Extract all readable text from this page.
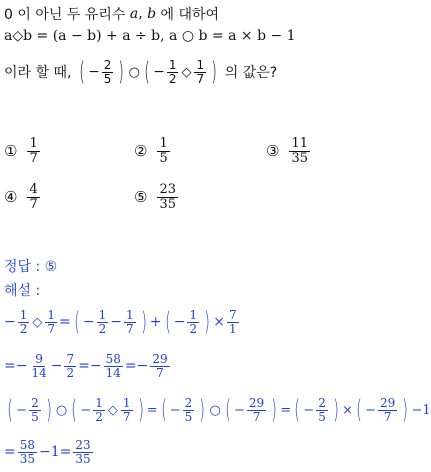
0 이 아닌 두 유리수
a ,
b
에 대하여
a◇b = (a − b) + a ÷ b, a ○ b = a × b − 1
이라 할 때,
( − $\frac{2}{5}$ ) ○ ( − $\frac{1}{2}$ ◇ $\frac{1}{7}$ )
의 값은?
① $\frac{1}{7}$	② $\frac{1}{5}$	③ $\frac{11}{35}$
④ $\frac{4}{7}$	⑤ $\frac{23}{35}$
정답 : ⑤
해설 :
− $\frac{1}{2}$ ◇ $\frac{1}{7}$ = ( − $\frac{1}{2} - \frac{1}{7}$ ) + ( − $\frac{1}{2}$ ) × $\frac{7}{1}$
=− $\frac{9}{14} - \frac{7}{2} =- \frac{58}{14} =- \frac{29}{7}$
( − $\frac{2}{5}$ ) ○ ( − $\frac{1}{2}$ ◇ $\frac{1}{7}$ ) = ( − $\frac{2}{5}$ ) ○ ( − $\frac{29}{7}$ ) = ( − $\frac{2}{5}$ ) × ( − $\frac{29}{7}$ ) −1
= $\frac{58}{35} -1= \frac{23}{35}$
